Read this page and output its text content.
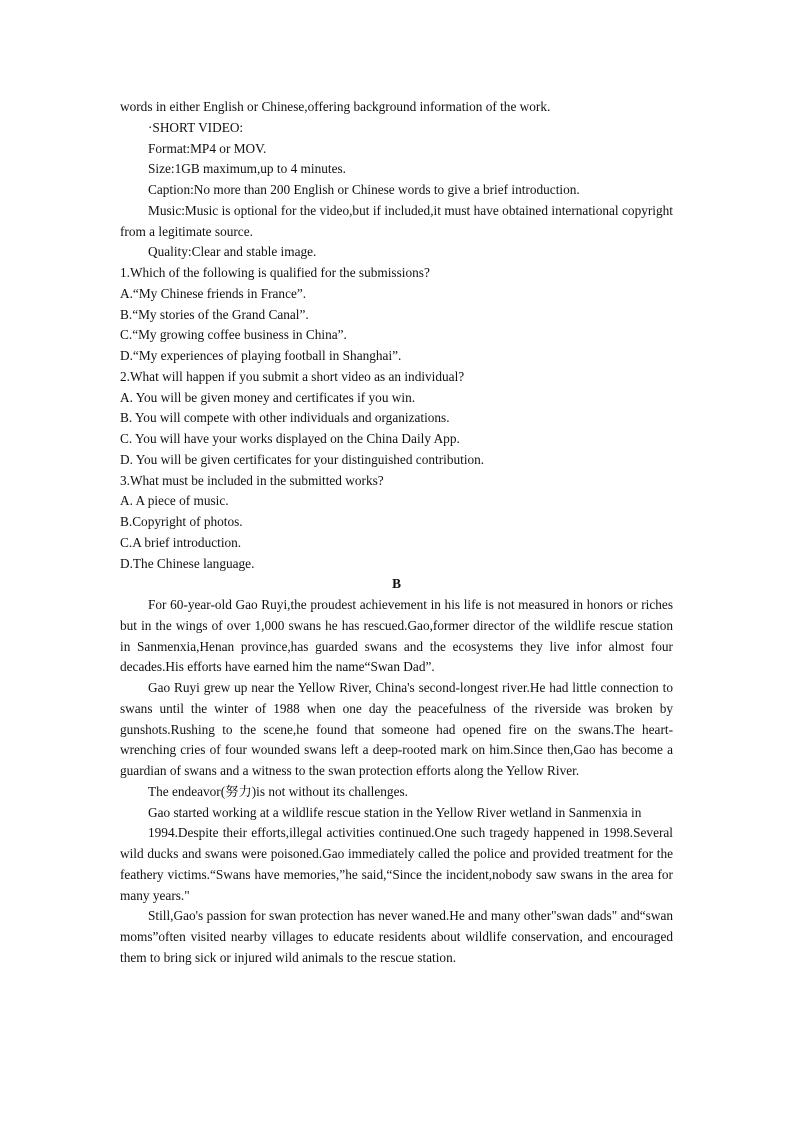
words in either English or Chinese,offering background information of the work.
·SHORT VIDEO:
Format:MP4 or MOV.
Size:1GB maximum,up to 4 minutes.
Caption:No more than 200 English or Chinese words to give a brief introduction.
Music:Music is optional for the video,but if included,it must have obtained international copyright from a legitimate source.
Quality:Clear and stable image.
1.Which of the following is qualified for the submissions?
A.“My Chinese friends in France”.
B.“My stories of the Grand Canal”.
C.“My growing coffee business in China”.
D.“My experiences of playing football in Shanghai”.
2.What will happen if you submit a short video as an individual?
A. You will be given money and certificates if you win.
B. You will compete with other individuals and organizations.
C. You will have your works displayed on the China Daily App.
D. You will be given certificates for your distinguished contribution.
3.What must be included in the submitted works?
A. A piece of music.
B.Copyright of photos.
C.A brief introduction.
D.The Chinese language.
B
For 60-year-old Gao Ruyi,the proudest achievement in his life is not measured in honors or riches but in the wings of over 1,000 swans he has rescued.Gao,former director of the wildlife rescue station in Sanmenxia,Henan province,has guarded swans and the ecosystems they live infor almost four decades.His efforts have earned him the name“Swan Dad”.
Gao Ruyi grew up near the Yellow River, China's second-longest river.He had little connection to swans until the winter of 1988 when one day the peacefulness of the riverside was broken by gunshots.Rushing to the scene,he found that someone had opened fire on the swans.The heart-wrenching cries of four wounded swans left a deep-rooted mark on him.Since then,Gao has become a guardian of swans and a witness to the swan protection efforts along the Yellow River.
The endeavor(努力)is not without its challenges.
Gao started working at a wildlife rescue station in the Yellow River wetland in Sanmenxia in
1994.Despite their efforts,illegal activities continued.One such tragedy happened in 1998.Several wild ducks and swans were poisoned.Gao immediately called the police and provided treatment for the feathery victims.“Swans have memories,”he said,“Since the incident,nobody saw swans in the area for many years."
Still,Gao's passion for swan protection has never waned.He and many other"swan dads" and“swan moms”often visited nearby villages to educate residents about wildlife conservation, and encouraged them to bring sick or injured wild animals to the rescue station.
